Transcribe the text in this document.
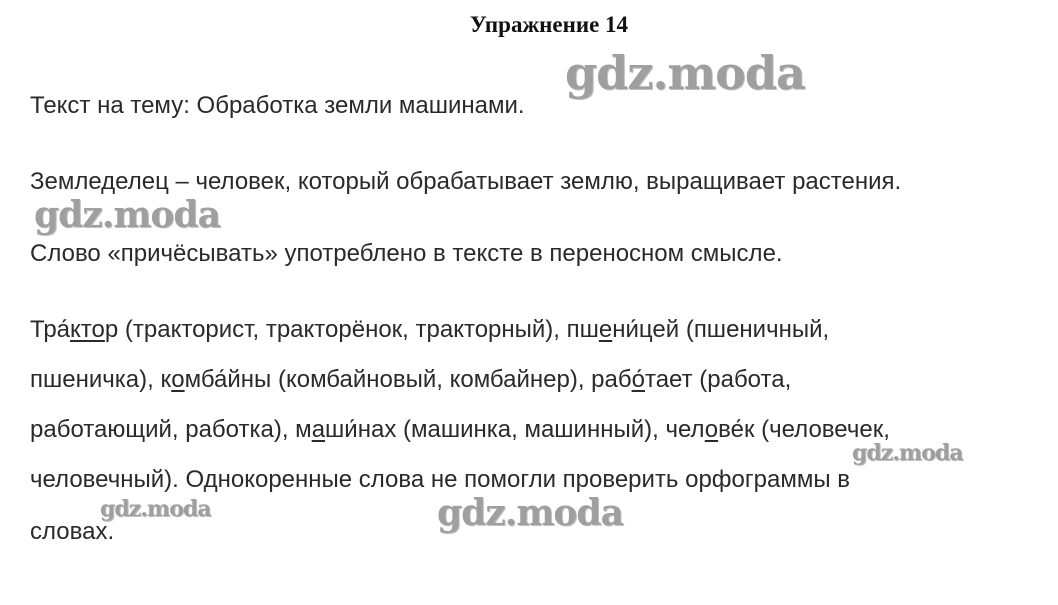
Упражнение 14
Текст на тему: Обработка земли машинами.
Земледелец – человек, который обрабатывает землю, выращивает растения.
Слово «причёсывать» употреблено в тексте в переносном смысле.
Трактор (тракторист, тракторёнок, тракторный), пшеницей (пшеничный,
пшеничка), комбайны (комбайновый, комбайнер), работает (работа,
работающий, работка), машинах (машинка, машинный), человек (человечек,
человечный). Однокоренные слова не помогли проверить орфограммы в
словах.
gdz.moda
gdz.moda
gdz.moda
gdz.moda	gdz.moda
